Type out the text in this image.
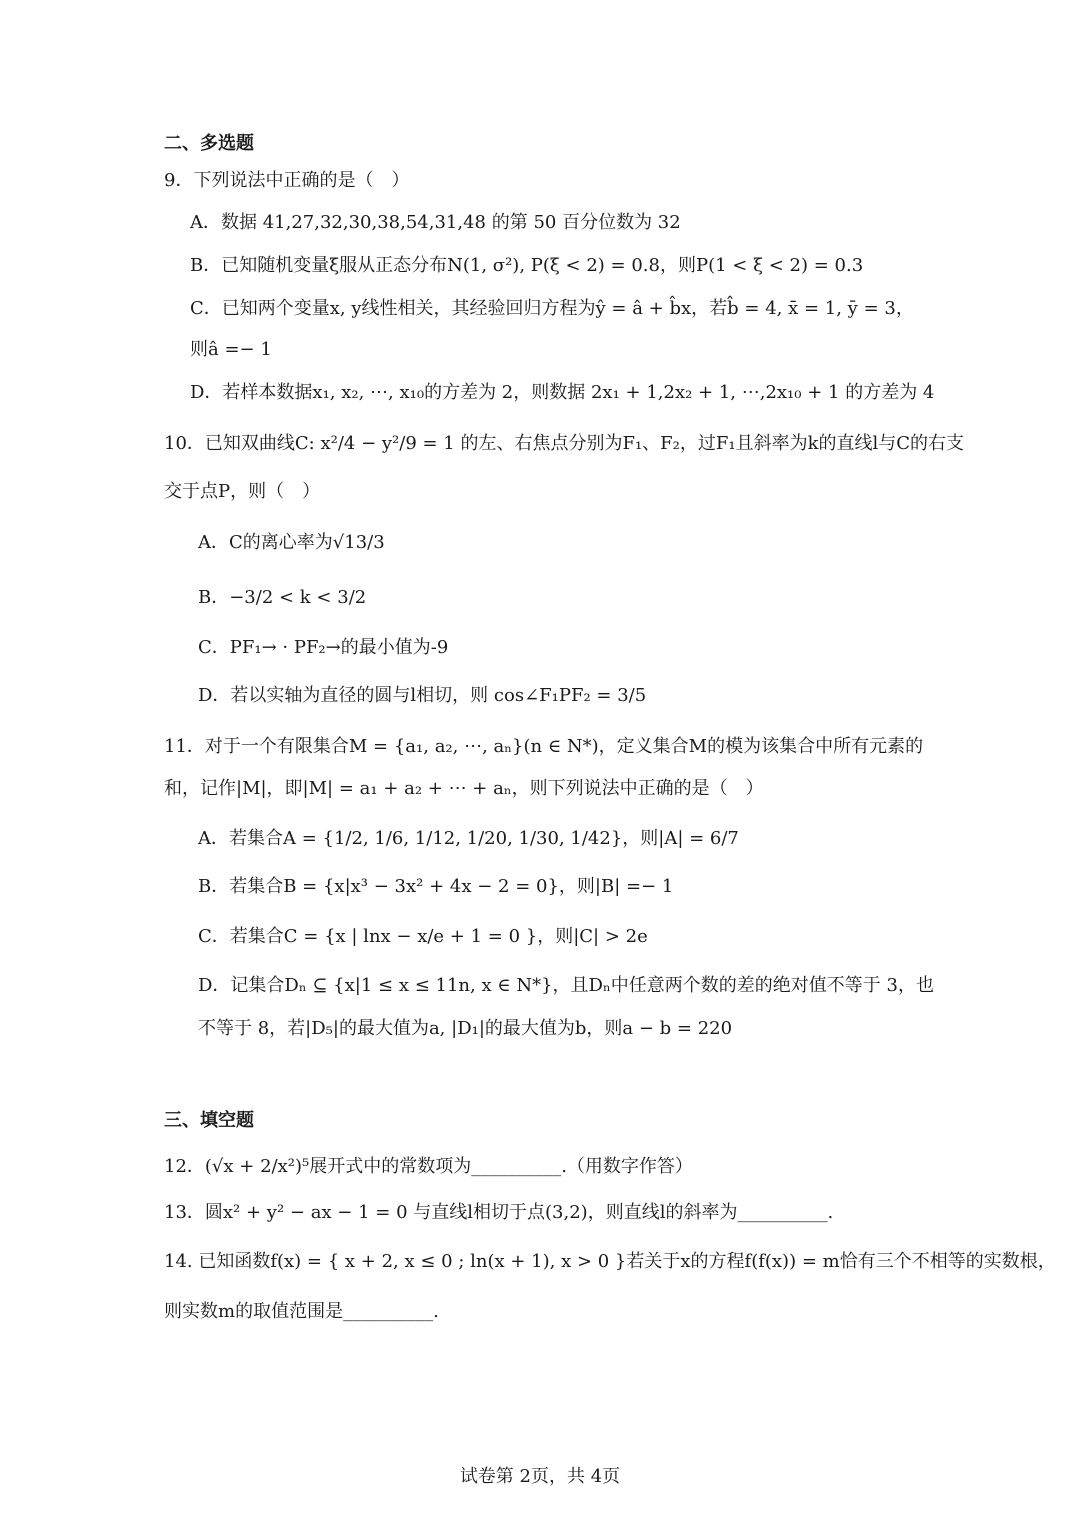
二、多选题
9．下列说法中正确的是（　）
A．数据 41,27,32,30,38,54,31,48 的第 50 百分位数为 32
B．已知随机变量ξ服从正态分布N(1, σ²), P(ξ < 2) = 0.8，则P(1 < ξ < 2) = 0.3
C．已知两个变量x, y线性相关，其经验回归方程为ŷ = â + b̂x，若b̂ = 4, x̄ = 1, ȳ = 3，
则â =− 1
D．若样本数据x₁, x₂, ⋯, x₁₀的方差为 2，则数据 2x₁ + 1,2x₂ + 1, ⋯,2x₁₀ + 1 的方差为 4
10．已知双曲线C: x²/4 − y²/9 = 1 的左、右焦点分别为F₁、F₂，过F₁且斜率为k的直线l与C的右支
交于点P，则（　）
A．C的离心率为√13/3
B．−3/2 < k < 3/2
C．PF₁→ · PF₂→的最小值为-9
D．若以实轴为直径的圆与l相切，则 cos∠F₁PF₂ = 3/5
11．对于一个有限集合M = {a₁, a₂, ⋯, aₙ}(n ∈ N*)，定义集合M的模为该集合中所有元素的
和，记作|M|，即|M| = a₁ + a₂ + ⋯ + aₙ，则下列说法中正确的是（　）
A．若集合A = {1/2, 1/6, 1/12, 1/20, 1/30, 1/42}，则|A| = 6/7
B．若集合B = {x|x³ − 3x² + 4x − 2 = 0}，则|B| =− 1
C．若集合C = {x | lnx − x/e + 1 = 0 }，则|C| > 2e
D．记集合Dₙ ⊆ {x|1 ≤ x ≤ 11n, x ∈ N*}，且Dₙ中任意两个数的差的绝对值不等于 3，也
不等于 8，若|D₅|的最大值为a, |D₁|的最大值为b，则a − b = 220
三、填空题
12．(√x + 2/x²)⁵展开式中的常数项为__________.（用数字作答）
13．圆x² + y² − ax − 1 = 0 与直线l相切于点(3,2)，则直线l的斜率为__________.
14. 已知函数f(x) = { x + 2, x ≤ 0 ; ln(x + 1), x > 0 }若关于x的方程f(f(x)) = m恰有三个不相等的实数根，
则实数m的取值范围是__________.
试卷第 2页，共 4页
